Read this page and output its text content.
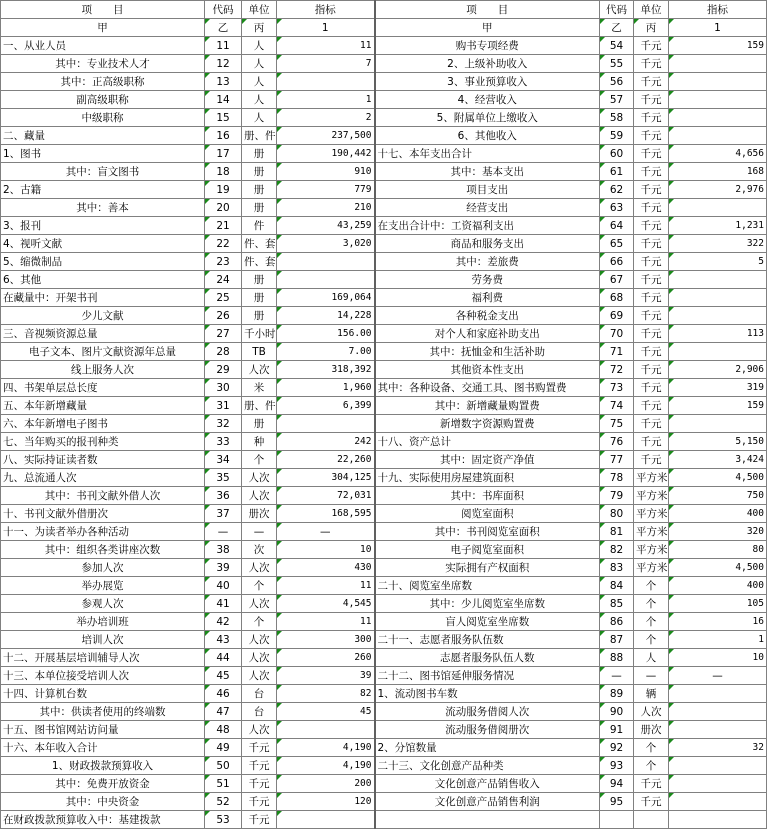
项　　目	代码	单位	指标	项　　目	代码	单位	指标
甲	乙	丙	1	甲	乙	丙	1
一、从业人员	11	人	11	购书专项经费	54	千元	159
其中：专业技术人才	12	人	7	2、上级补助收入	55	千元	
其中：正高级职称	13	人		3、事业预算收入	56	千元	
副高级职称	14	人	1	4、经营收入	57	千元	
中级职称	15	人	2	5、附属单位上缴收入	58	千元	
二、藏量	16	册、件	237,500	6、其他收入	59	千元	
1、图书	17	册	190,442	十七、本年支出合计	60	千元	4,656
其中：盲文图书	18	册	910	其中：基本支出	61	千元	168
2、古籍	19	册	779	项目支出	62	千元	2,976
其中：善本	20	册	210	经营支出	63	千元	
3、报刊	21	件	43,259	在支出合计中：工资福利支出	64	千元	1,231
4、视听文献	22	件、套	3,020	商品和服务支出	65	千元	322
5、缩微制品	23	件、套		其中：差旅费	66	千元	5
6、其他	24	册		劳务费	67	千元	
在藏量中：开架书刊	25	册	169,064	福利费	68	千元	
少儿文献	26	册	14,228	各种税金支出	69	千元	
三、音视频资源总量	27	千小时	156.00	对个人和家庭补助支出	70	千元	113
电子文本、图片文献资源年总量	28	TB	7.00	其中：抚恤金和生活补助	71	千元	
线上服务人次	29	人次	318,392	其他资本性支出	72	千元	2,906
四、书架单层总长度	30	米	1,960	其中：各种设备、交通工具、图书购置费	73	千元	319
五、本年新增藏量	31	册、件	6,399	其中：新增藏量购置费	74	千元	159
六、本年新增电子图书	32	册		新增数字资源购置费	75	千元	
七、当年购买的报刊种类	33	种	242	十八、资产总计	76	千元	5,150
八、实际持证读者数	34	个	22,260	其中：固定资产净值	77	千元	3,424
九、总流通人次	35	人次	304,125	十九、实际使用房屋建筑面积	78	平方米	4,500
其中：书刊文献外借人次	36	人次	72,031	其中：书库面积	79	平方米	750
十、书刊文献外借册次	37	册次	168,595	阅览室面积	80	平方米	400
十一、为读者举办各种活动	—	—	—	其中：书刊阅览室面积	81	平方米	320
其中：组织各类讲座次数	38	次	10	电子阅览室面积	82	平方米	80
参加人次	39	人次	430	实际拥有产权面积	83	平方米	4,500
举办展览	40	个	11	二十、阅览室坐席数	84	个	400
参观人次	41	人次	4,545	其中：少儿阅览室坐席数	85	个	105
举办培训班	42	个	11	盲人阅览室坐席数	86	个	16
培训人次	43	人次	300	二十一、志愿者服务队伍数	87	个	1
十二、开展基层培训辅导人次	44	人次	260	志愿者服务队伍人数	88	人	10
十三、本单位接受培训人次	45	人次	39	二十二、图书馆延伸服务情况	—	—	—
十四、计算机台数	46	台	82	1、流动图书车数	89	辆	
其中：供读者使用的终端数	47	台	45	流动服务借阅人次	90	人次	
十五、图书馆网站访问量	48	人次		流动服务借阅册次	91	册次	
十六、本年收入合计	49	千元	4,190	2、分馆数量	92	个	32
1、财政拨款预算收入	50	千元	4,190	二十三、文化创意产品种类	93	个	
其中：免费开放资金	51	千元	200	文化创意产品销售收入	94	千元	
其中：中央资金	52	千元	120	文化创意产品销售利润	95	千元	
在财政拨款预算收入中：基建拨款	53	千元					
